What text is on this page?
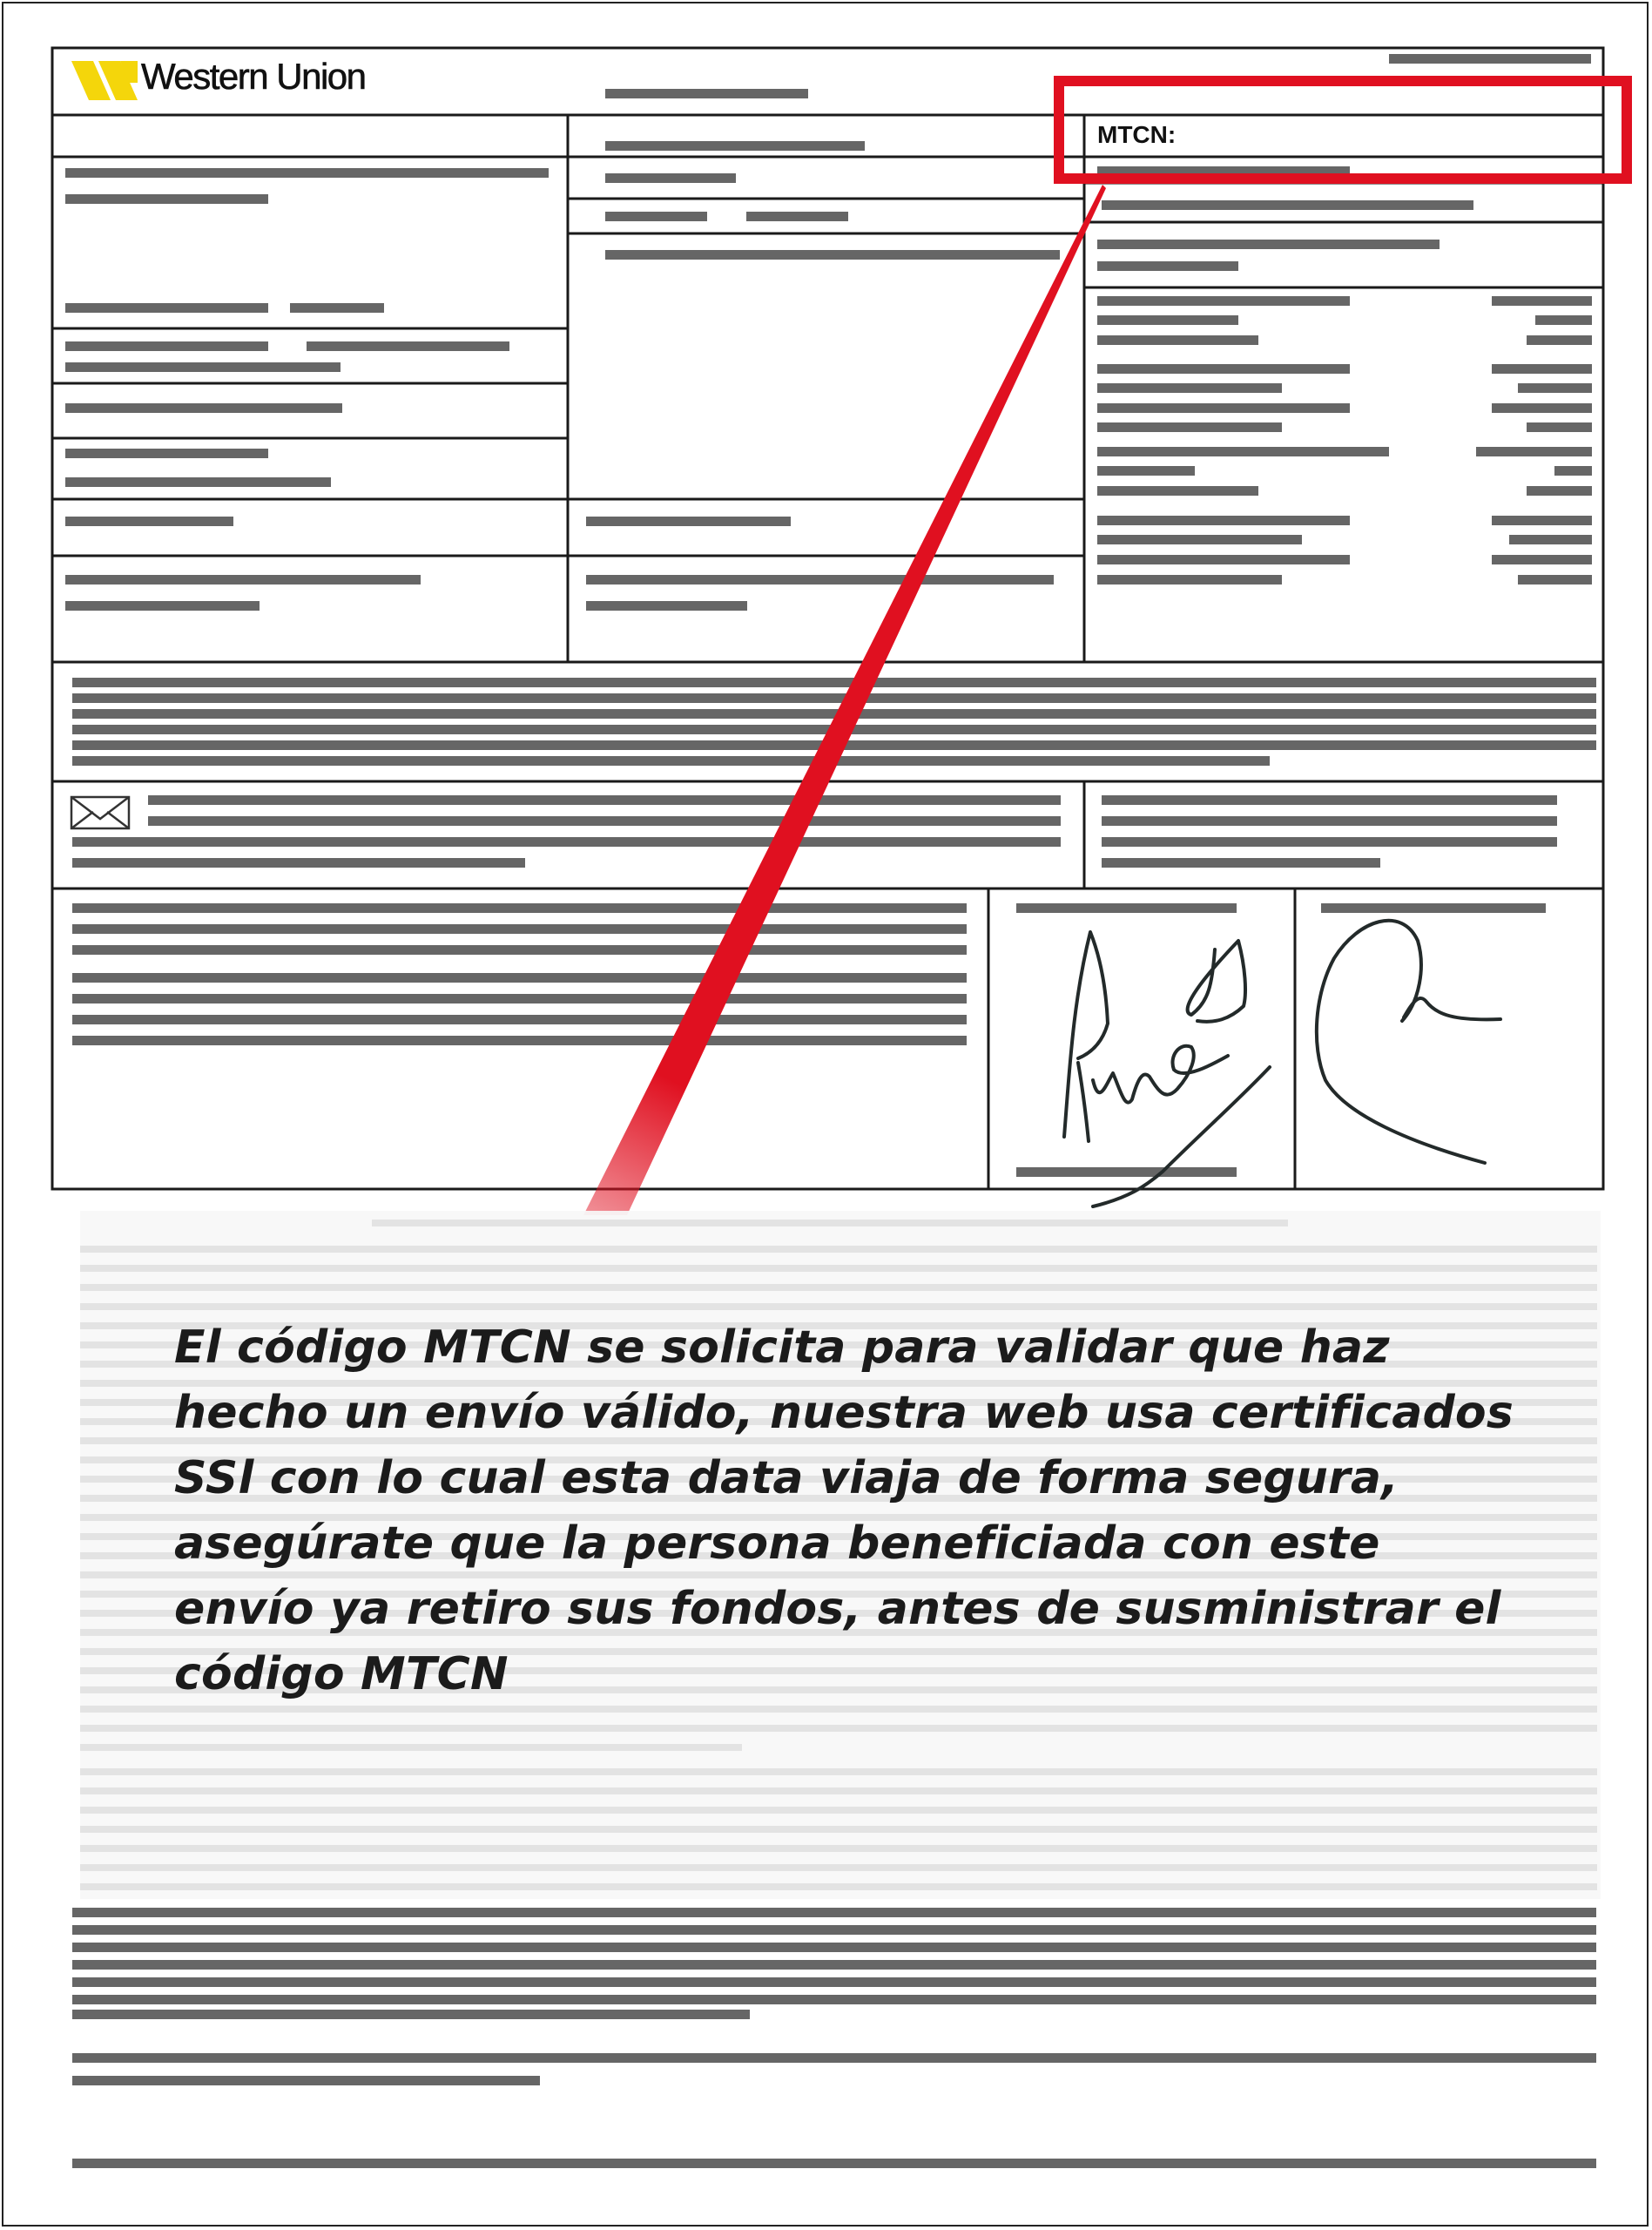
Western Union
MTCN:

El código MTCN se solicita para validar que haz hecho un envío válido, nuestra web usa certificados SSl con lo cual esta data viaja de forma segura, asegúrate que la persona beneficiada con este envío ya retiro sus fondos, antes de susministrar el código MTCN
